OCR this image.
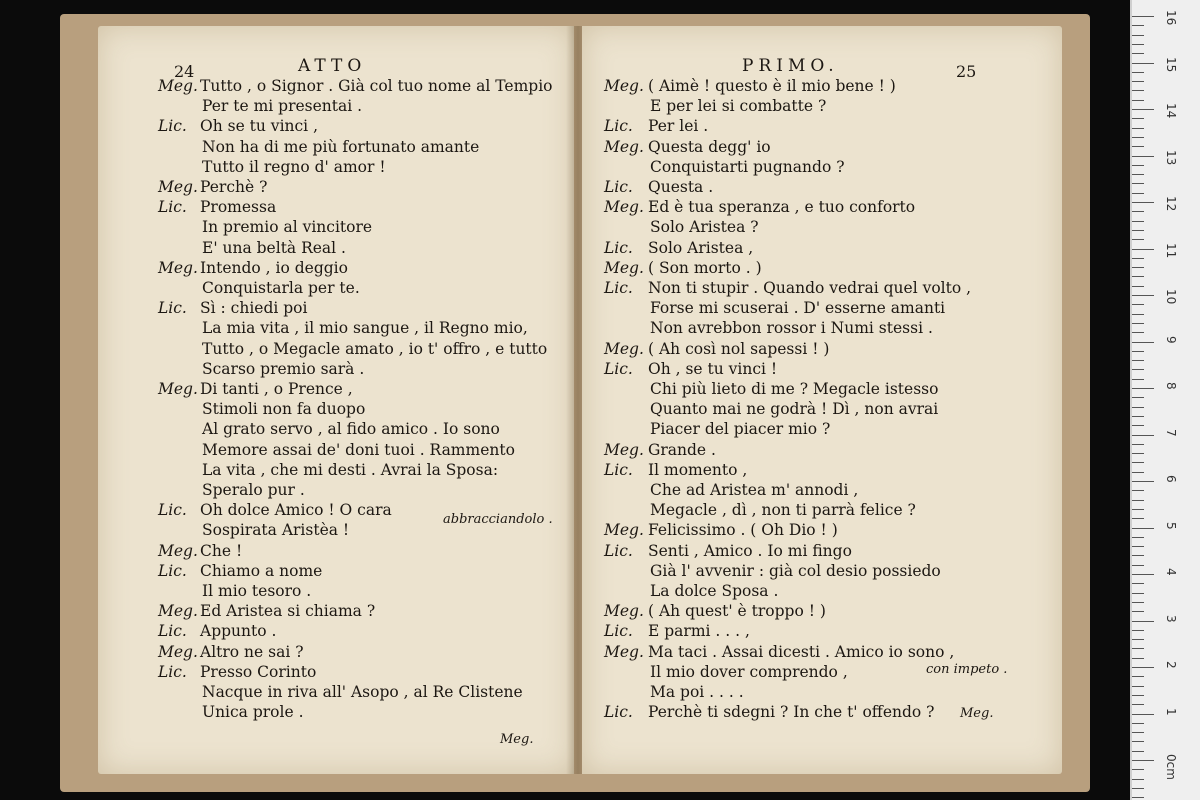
24	ATTO
Meg. Tutto , o Signor . Già col tuo nome al Tempio
Per te mi presentai .
Lic. Oh se tu vinci ,
Non ha di me più fortunato amante
Tutto il regno d' amor !
Meg. Perchè ?
Lic. Promessa
In premio al vincitore
E' una beltà Real .
Meg. Intendo , io deggio
Conquistarla per te.
Lic. Sì : chiedi poi
La mia vita , il mio sangue , il Regno mio,
Tutto , o Megacle amato , io t' offro , e tutto
Scarso premio sarà .
Meg. Di tanti , o Prence ,
Stimoli non fa duopo
Al grato servo , al fido amico . Io sono
Memore assai de' doni tuoi . Rammento
La vita , che mi desti . Avrai la Sposa:
Speralo pur .
Lic. Oh dolce Amico ! O cara
Sospirata Aristèa !
Meg. Che !
Lic. Chiamo a nome
Il mio tesoro .
Meg. Ed Aristea si chiama ?
Lic. Appunto .
Meg. Altro ne sai ?
Lic. Presso Corinto
Nacque in riva all' Asopo , al Re Clistene
Unica prole .
abbracciandolo .
Meg.
PRIMO.	25
Meg. ( Aimè ! questo è il mio bene ! )
E per lei si combatte ?
Lic. Per lei .
Meg. Questa degg' io
Conquistarti pugnando ?
Lic. Questa .
Meg. Ed è tua speranza , e tuo conforto
Solo Aristea ?
Lic. Solo Aristea ,
Meg. ( Son morto . )
Lic. Non ti stupir . Quando vedrai quel volto ,
Forse mi scuserai . D' esserne amanti
Non avrebbon rossor i Numi stessi .
Meg. ( Ah così nol sapessi ! )
Lic. Oh , se tu vinci !
Chi più lieto di me ? Megacle istesso
Quanto mai ne godrà ! Dì , non avrai
Piacer del piacer mio ?
Meg. Grande .
Lic. Il momento ,
Che ad Aristea m' annodi ,
Megacle , dì , non ti parrà felice ?
Meg. Felicissimo . ( Oh Dio ! )
Lic. Senti , Amico . Io mi fingo
Già l' avvenir : già col desio possiedo
La dolce Sposa .
Meg. ( Ah quest' è troppo ! )
Lic. E parmi . . . ,
Meg. Ma taci . Assai dicesti . Amico io sono ,
Il mio dover comprendo ,
Ma poi . . . .
Lic. Perchè ti sdegni ? In che t' offendo ?
con impeto .
Meg.
16
15
14
13
12
11
10
9
8
7
6
5
4
3
2
1
0cm
